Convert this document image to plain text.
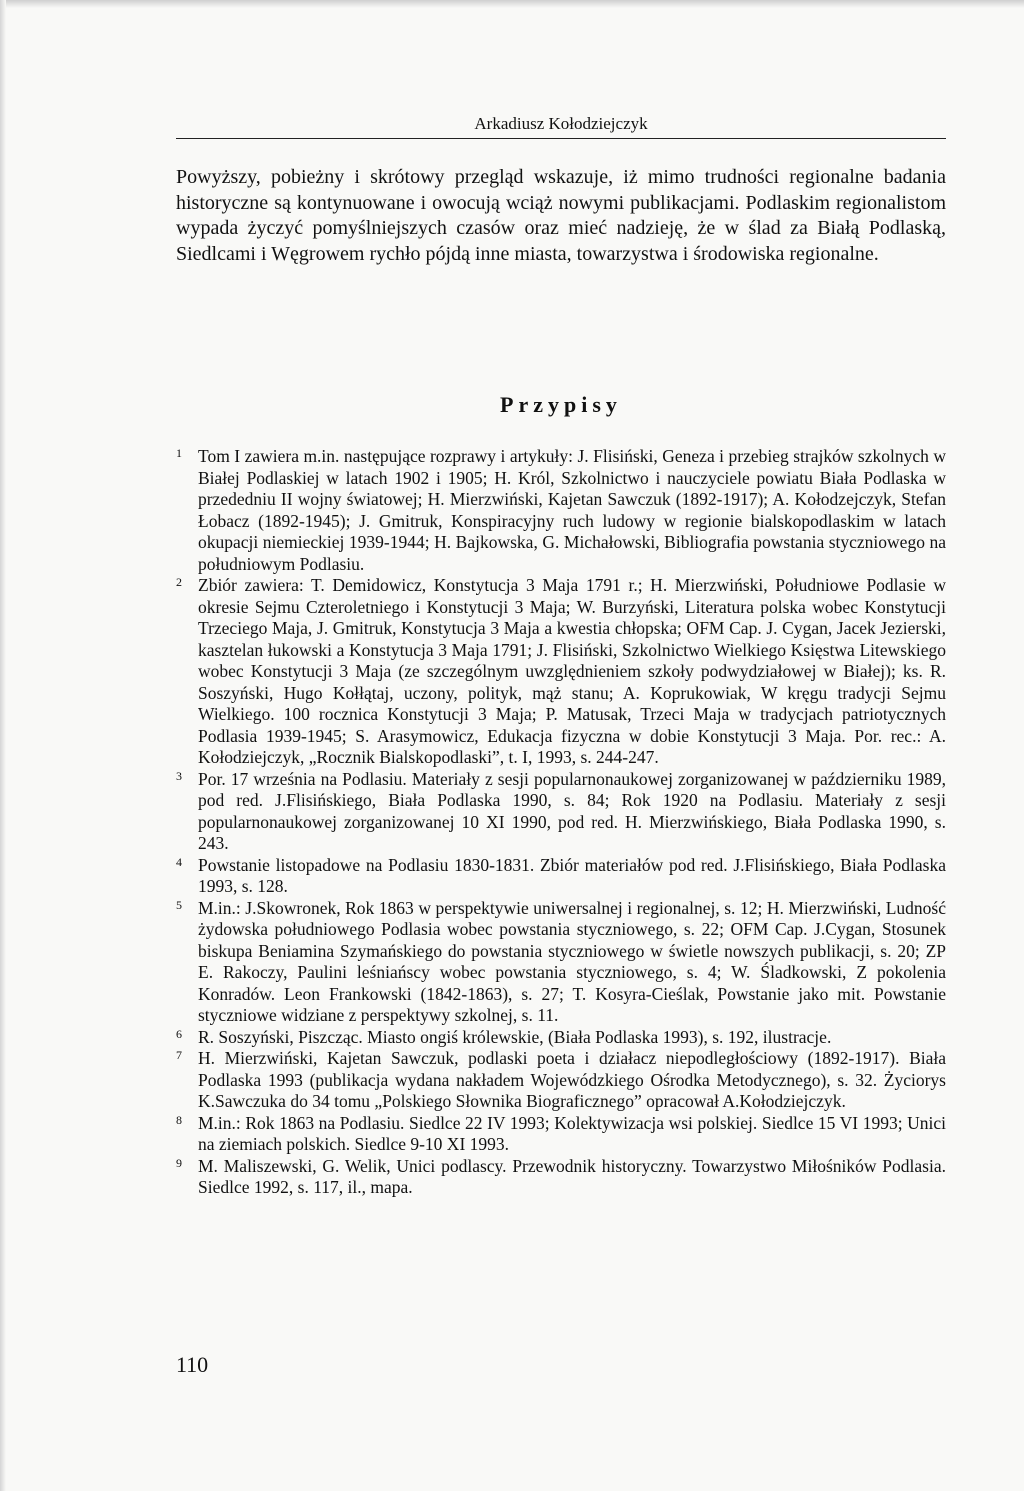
Arkadiusz Kołodziejczyk

Powyższy, pobieżny i skrótowy przegląd wskazuje, iż mimo trudności regionalne badania historyczne są kontynuowane i owocują wciąż nowymi publikacjami. Podlaskim regionalistom wypada życzyć pomyślniejszych czasów oraz mieć nadzieję, że w ślad za Białą Podlaską, Siedlcami i Węgrowem rychło pójdą inne miasta, towarzystwa i środowiska regionalne.

Przypisy
1 Tom I zawiera m.in. następujące rozprawy i artykuły: J. Flisiński, Geneza i przebieg strajków szkolnych w Białej Podlaskiej w latach 1902 i 1905; H. Król, Szkolnictwo i nauczyciele powiatu Biała Podlaska w przededniu II wojny światowej; H. Mierzwiński, Kajetan Sawczuk (1892-1917); A. Kołodzejczyk, Stefan Łobacz (1892-1945); J. Gmitruk, Konspiracyjny ruch ludowy w regionie bialskopodlaskim w latach okupacji niemieckiej 1939-1944; H. Bajkowska, G. Michałowski, Bibliografia powstania styczniowego na południowym Podlasiu.
2 Zbiór zawiera: T. Demidowicz, Konstytucja 3 Maja 1791 r.; H. Mierzwiński, Południowe Podlasie w okresie Sejmu Czteroletniego i Konstytucji 3 Maja; W. Burzyński, Literatura polska wobec Konstytucji Trzeciego Maja, J. Gmitruk, Konstytucja 3 Maja a kwestia chłopska; OFM Cap. J. Cygan, Jacek Jezierski, kasztelan łukowski a Konstytucja 3 Maja 1791; J. Flisiński, Szkolnictwo Wielkiego Księstwa Litewskiego wobec Konstytucji 3 Maja (ze szczególnym uwzględnieniem szkoły podwydziałowej w Białej); ks. R. Soszyński, Hugo Kołłątaj, uczony, polityk, mąż stanu; A. Koprukowiak, W kręgu tradycji Sejmu Wielkiego. 100 rocznica Konstytucji 3 Maja; P. Matusak, Trzeci Maja w tradycjach patriotycznych Podlasia 1939-1945; S. Arasymowicz, Edukacja fizyczna w dobie Konstytucji 3 Maja. Por. rec.: A. Kołodziejczyk, „Rocznik Bialskopodlaski”, t. I, 1993, s. 244-247.
3 Por. 17 września na Podlasiu. Materiały z sesji popularnonaukowej zorganizowanej w październiku 1989, pod red. J.Flisińskiego, Biała Podlaska 1990, s. 84; Rok 1920 na Podlasiu. Materiały z sesji popularnonaukowej zorganizowanej 10 XI 1990, pod red. H. Mierzwińskiego, Biała Podlaska 1990, s. 243.
4 Powstanie listopadowe na Podlasiu 1830-1831. Zbiór materiałów pod red. J.Flisińskiego, Biała Podlaska 1993, s. 128.
5 M.in.: J.Skowronek, Rok 1863 w perspektywie uniwersalnej i regionalnej, s. 12; H. Mierzwiński, Ludność żydowska południowego Podlasia wobec powstania styczniowego, s. 22; OFM Cap. J.Cygan, Stosunek biskupa Beniamina Szymańskiego do powstania styczniowego w świetle nowszych publikacji, s. 20; ZP E. Rakoczy, Paulini leśniańscy wobec powstania styczniowego, s. 4; W. Śladkowski, Z pokolenia Konradów. Leon Frankowski (1842-1863), s. 27; T. Kosyra-Cieślak, Powstanie jako mit. Powstanie styczniowe widziane z perspektywy szkolnej, s. 11.
6 R. Soszyński, Piszcząc. Miasto ongiś królewskie, (Biała Podlaska 1993), s. 192, ilustracje.
7 H. Mierzwiński, Kajetan Sawczuk, podlaski poeta i działacz niepodległościowy (1892-1917). Biała Podlaska 1993 (publikacja wydana nakładem Wojewódzkiego Ośrodka Metodycznego), s. 32. Życiorys K.Sawczuka do 34 tomu „Polskiego Słownika Biograficznego” opracował A.Kołodziejczyk.
8 M.in.: Rok 1863 na Podlasiu. Siedlce 22 IV 1993; Kolektywizacja wsi polskiej. Siedlce 15 VI 1993; Unici na ziemiach polskich. Siedlce 9-10 XI 1993.
9 M. Maliszewski, G. Welik, Unici podlascy. Przewodnik historyczny. Towarzystwo Miłośników Podlasia. Siedlce 1992, s. 117, il., mapa.
110
